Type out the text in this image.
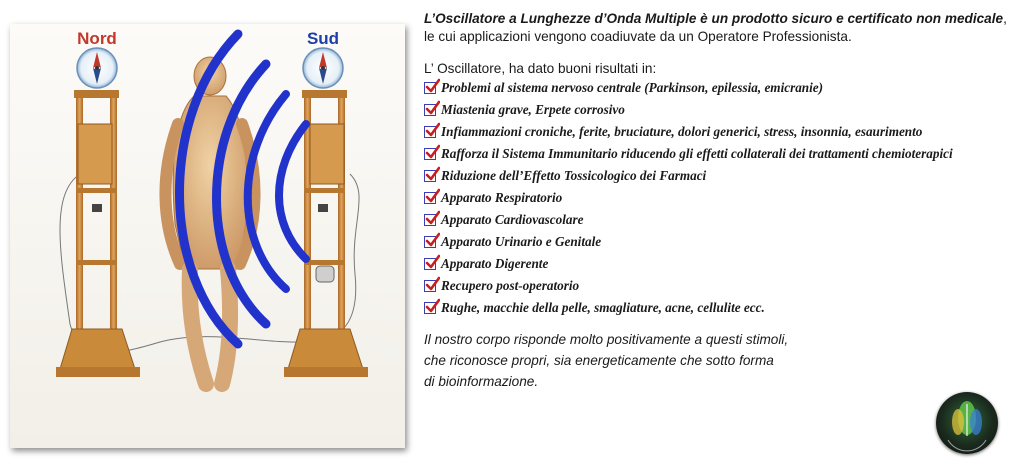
Nord	Sud

L’Oscillatore a Lunghezze d’Onda Multiple è un prodotto sicuro e certificato non medicale, le cui applicazioni vengono coadiuvate da un Operatore Professionista.

L’ Oscillatore, ha dato buoni risultati in:

Problemi al sistema nervoso centrale (Parkinson, epilessia, emicranie)
Miastenia grave, Erpete corrosivo
Infiammazioni croniche, ferite, bruciature, dolori generici, stress, insonnia, esaurimento
Rafforza il Sistema Immunitario riducendo gli effetti collaterali dei trattamenti chemioterapici
Riduzione dell’Effetto Tossicologico dei Farmaci
Apparato Respiratorio
Apparato Cardiovascolare
Apparato Urinario e Genitale
Apparato Digerente
Recupero post-operatorio
Rughe, macchie della pelle, smagliature, acne, cellulite ecc.
Il nostro corpo risponde molto positivamente a questi stimoli,
che riconosce propri, sia energeticamente che sotto forma
di bioinformazione.
